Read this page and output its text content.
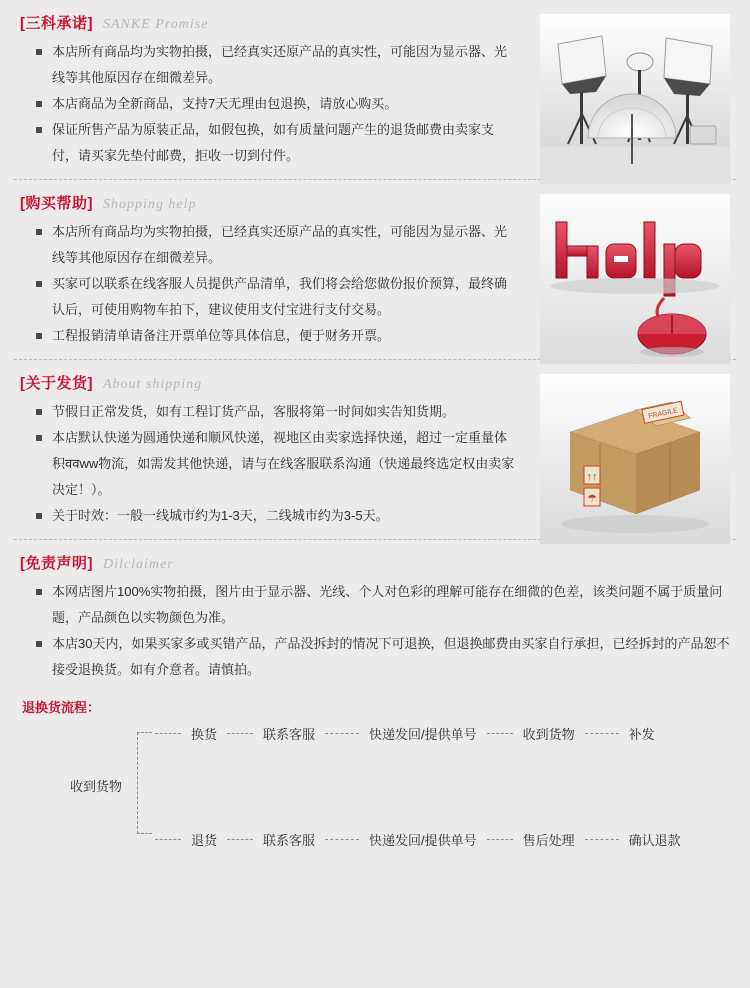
[三科承诺] SANKE Promise
本店所有商品均为实物拍摄，已经真实还原产品的真实性，可能因为显示器、光线等其他原因存在细微差异。
本店商品为全新商品，支持7天无理由包退换，请放心购买。
保证所售产品为原装正品，如假包换，如有质量问题产生的退货邮费由卖家支付，请买家先垫付邮费，拒收一切到付件。
[购买帮助] Shopping help
本店所有商品均为实物拍摄，已经真实还原产品的真实性，可能因为显示器、光线等其他原因存在细微差异。
买家可以联系在线客服人员提供产品清单，我们将会给您做份报价预算，最终确认后，可使用购物车拍下，建议使用支付宝进行支付交易。
工程报销清单请备注开票单位等具体信息，便于财务开票。
[关于发货] About shipping
节假日正常发货，如有工程订货产品，客服将第一时间如实告知货期。
本店默认快递为圆通快递和顺风快递，视地区由卖家选择快递，超过一定重量体积ववww物流，如需发其他快递，请与在线客服联系沟通（快递最终选定权由卖家决定！）。
关于时效：一般一线城市约为1-3天，二线城市约为3-5天。
FRAGILE
↑↑
☂
[免责声明] Dilclaimer
本网店图片100%实物拍摄，图片由于显示器、光线、个人对色彩的理解可能存在细微的色差，该类问题不属于质量问题，产品颜色以实物颜色为准。
本店30天内，如果买家多或买错产品，产品没拆封的情况下可退换，但退换邮费由买家自行承担，已经拆封的产品恕不接受退换货。如有介意者。请慎拍。
退换货流程：
收到货物
换货	联系客服	快递发回/提供单号	收到货物	补发
退货	联系客服	快递发回/提供单号	售后处理	确认退款
